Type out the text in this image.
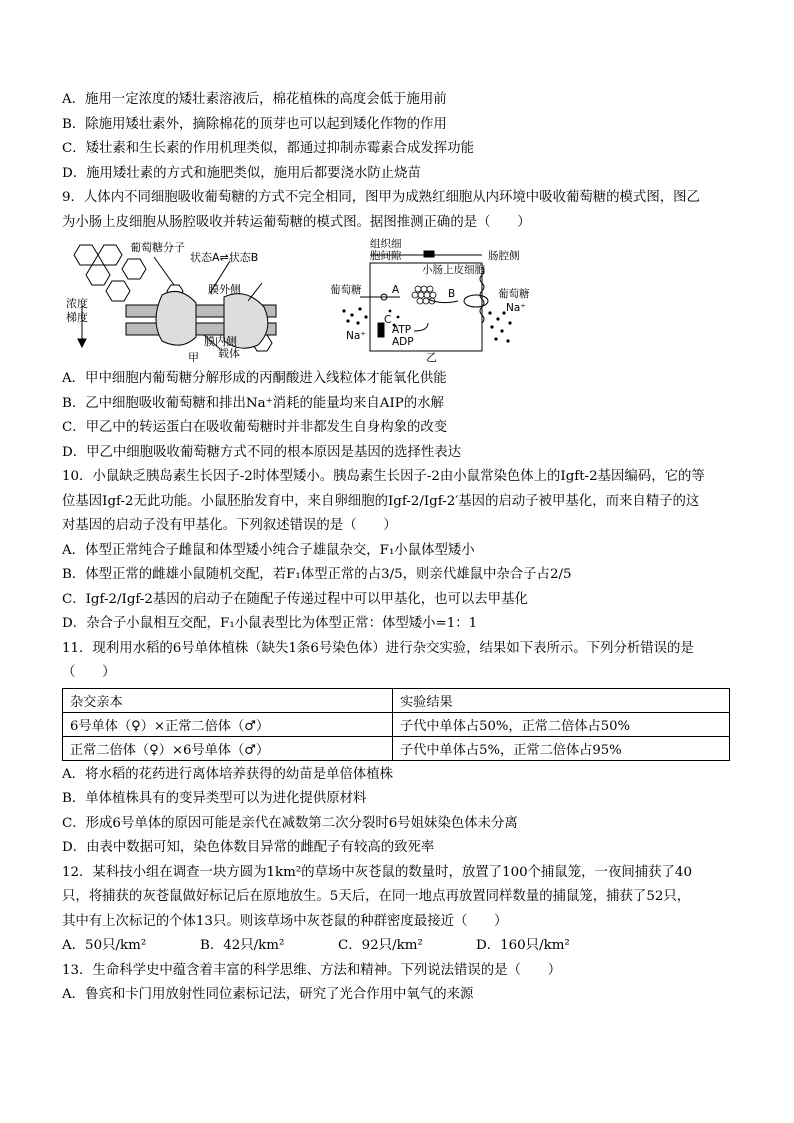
A．施用一定浓度的矮壮素溶液后，棉花植株的高度会低于施用前
B．除施用矮壮素外，摘除棉花的顶芽也可以起到矮化作物的作用
C．矮壮素和生长素的作用机理类似，都通过抑制赤霉素合成发挥功能
D．施用矮壮素的方式和施肥类似，施用后都要浇水防止烧苗
9．人体内不同细胞吸收葡萄糖的方式不完全相同，图甲为成熟红细胞从内环境中吸收葡萄糖的模式图，图乙
为小肠上皮细胞从肠腔吸收并转运葡萄糖的模式图。据图推测正确的是（　　）
葡萄糖分子
状态A⇌状态B
浓度
梯度
膜外侧
膜内侧
载体
甲
组织细
胞间隙
小肠上皮细胞
肠腔侧
葡萄糖	葡萄糖
A	B
C
Na⁺
Na⁺
ATP
ADP
乙
A．甲中细胞内葡萄糖分解形成的丙酮酸进入线粒体才能氧化供能
B．乙中细胞吸收葡萄糖和排出Na⁺消耗的能量均来自AIP的水解
C．甲乙中的转运蛋白在吸收葡萄糖时并非都发生自身构象的改变
D．甲乙中细胞吸收葡萄糖方式不同的根本原因是基因的选择性表达
10．小鼠缺乏胰岛素生长因子-2时体型矮小。胰岛素生长因子-2由小鼠常染色体上的Igft-2基因编码，它的等
位基因Igf-2无此功能。小鼠胚胎发育中，来自卵细胞的Igf-2/Igf-2′基因的启动子被甲基化，而来自精子的这
对基因的启动子没有甲基化。下列叙述错误的是（　　）
A．体型正常纯合子雌鼠和体型矮小纯合子雄鼠杂交，F₁小鼠体型矮小
B．体型正常的雌雄小鼠随机交配，若F₁体型正常的占3/5，则亲代雄鼠中杂合子占2/5
C．Igf-2/Igf-2基因的启动子在随配子传递过程中可以甲基化，也可以去甲基化
D．杂合子小鼠相互交配，F₁小鼠表型比为体型正常：体型矮小=1：1
11．现利用水稻的6号单体植株（缺失1条6号染色体）进行杂交实验，结果如下表所示。下列分析错误的是
（　　）
杂交亲本	实验结果
6号单体（♀）×正常二倍体（♂）	子代中单体占50%，正常二倍体占50%
正常二倍体（♀）×6号单体（♂）	子代中单体占5%，正常二倍体占95%
A．将水稻的花药进行离体培养获得的幼苗是单倍体植株
B．单体植株具有的变异类型可以为进化提供原材料
C．形成6号单体的原因可能是亲代在减数第二次分裂时6号姐妹染色体未分离
D．由表中数据可知，染色体数目异常的雌配子有较高的致死率
12．某科技小组在调查一块方圆为1km²的草场中灰苍鼠的数量时，放置了100个捕鼠笼，一夜间捕获了40
只，将捕获的灰苍鼠做好标记后在原地放生。5天后，在同一地点再放置同样数量的捕鼠笼，捕获了52只，
其中有上次标记的个体13只。则该草场中灰苍鼠的种群密度最接近（　　）
A．50只/km²	B．42只/km²	C．92只/km²	D．160只/km²
13．生命科学史中蕴含着丰富的科学思维、方法和精神。下列说法错误的是（　　）
A．鲁宾和卡门用放射性同位素标记法，研究了光合作用中氧气的来源
